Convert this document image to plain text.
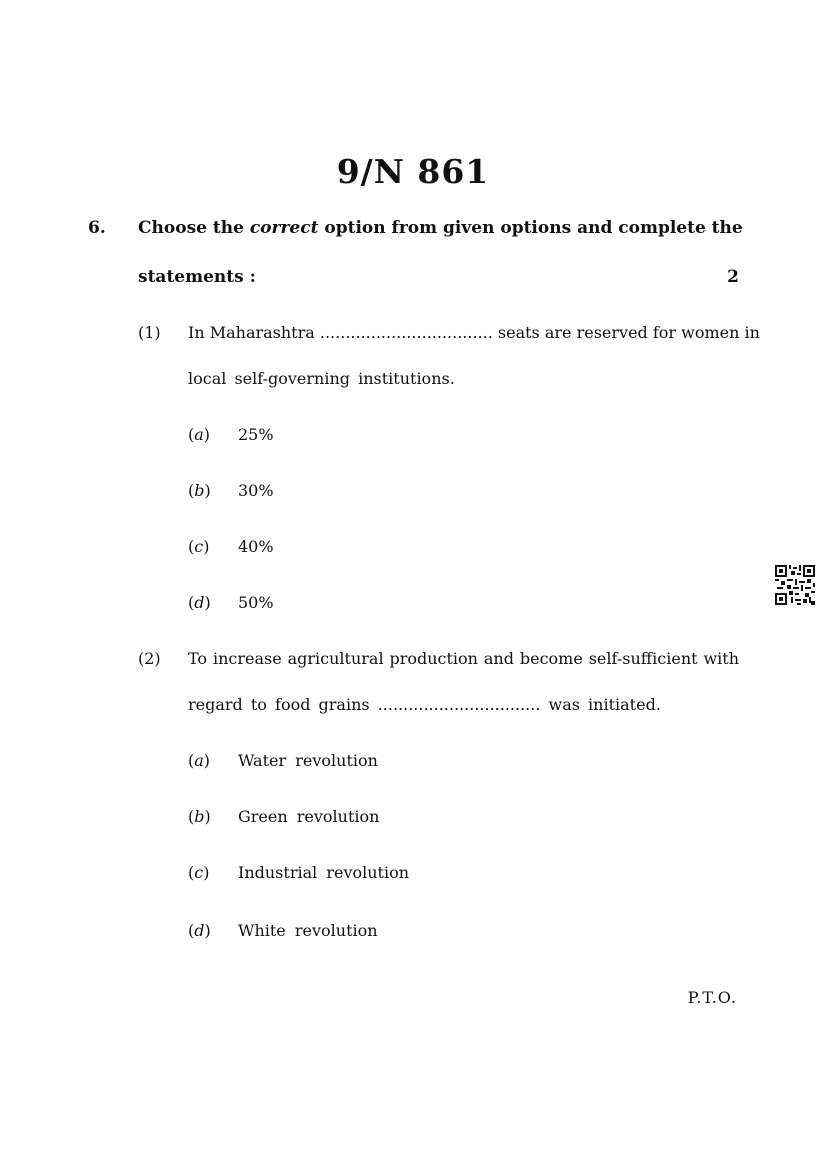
9/N 861
6. Choose the correct option from given options and complete the
statements :	2
(1) In Maharashtra .................................. seats are reserved for women in
local self-governing institutions.
(a) 25%
(b) 30%
(c) 40%
(d) 50%
(2) To increase agricultural production and become self-sufficient with
regard to food grains ................................ was initiated.
(a) Water revolution
(b) Green revolution
(c) Industrial revolution
(d) White revolution
P.T.O.
